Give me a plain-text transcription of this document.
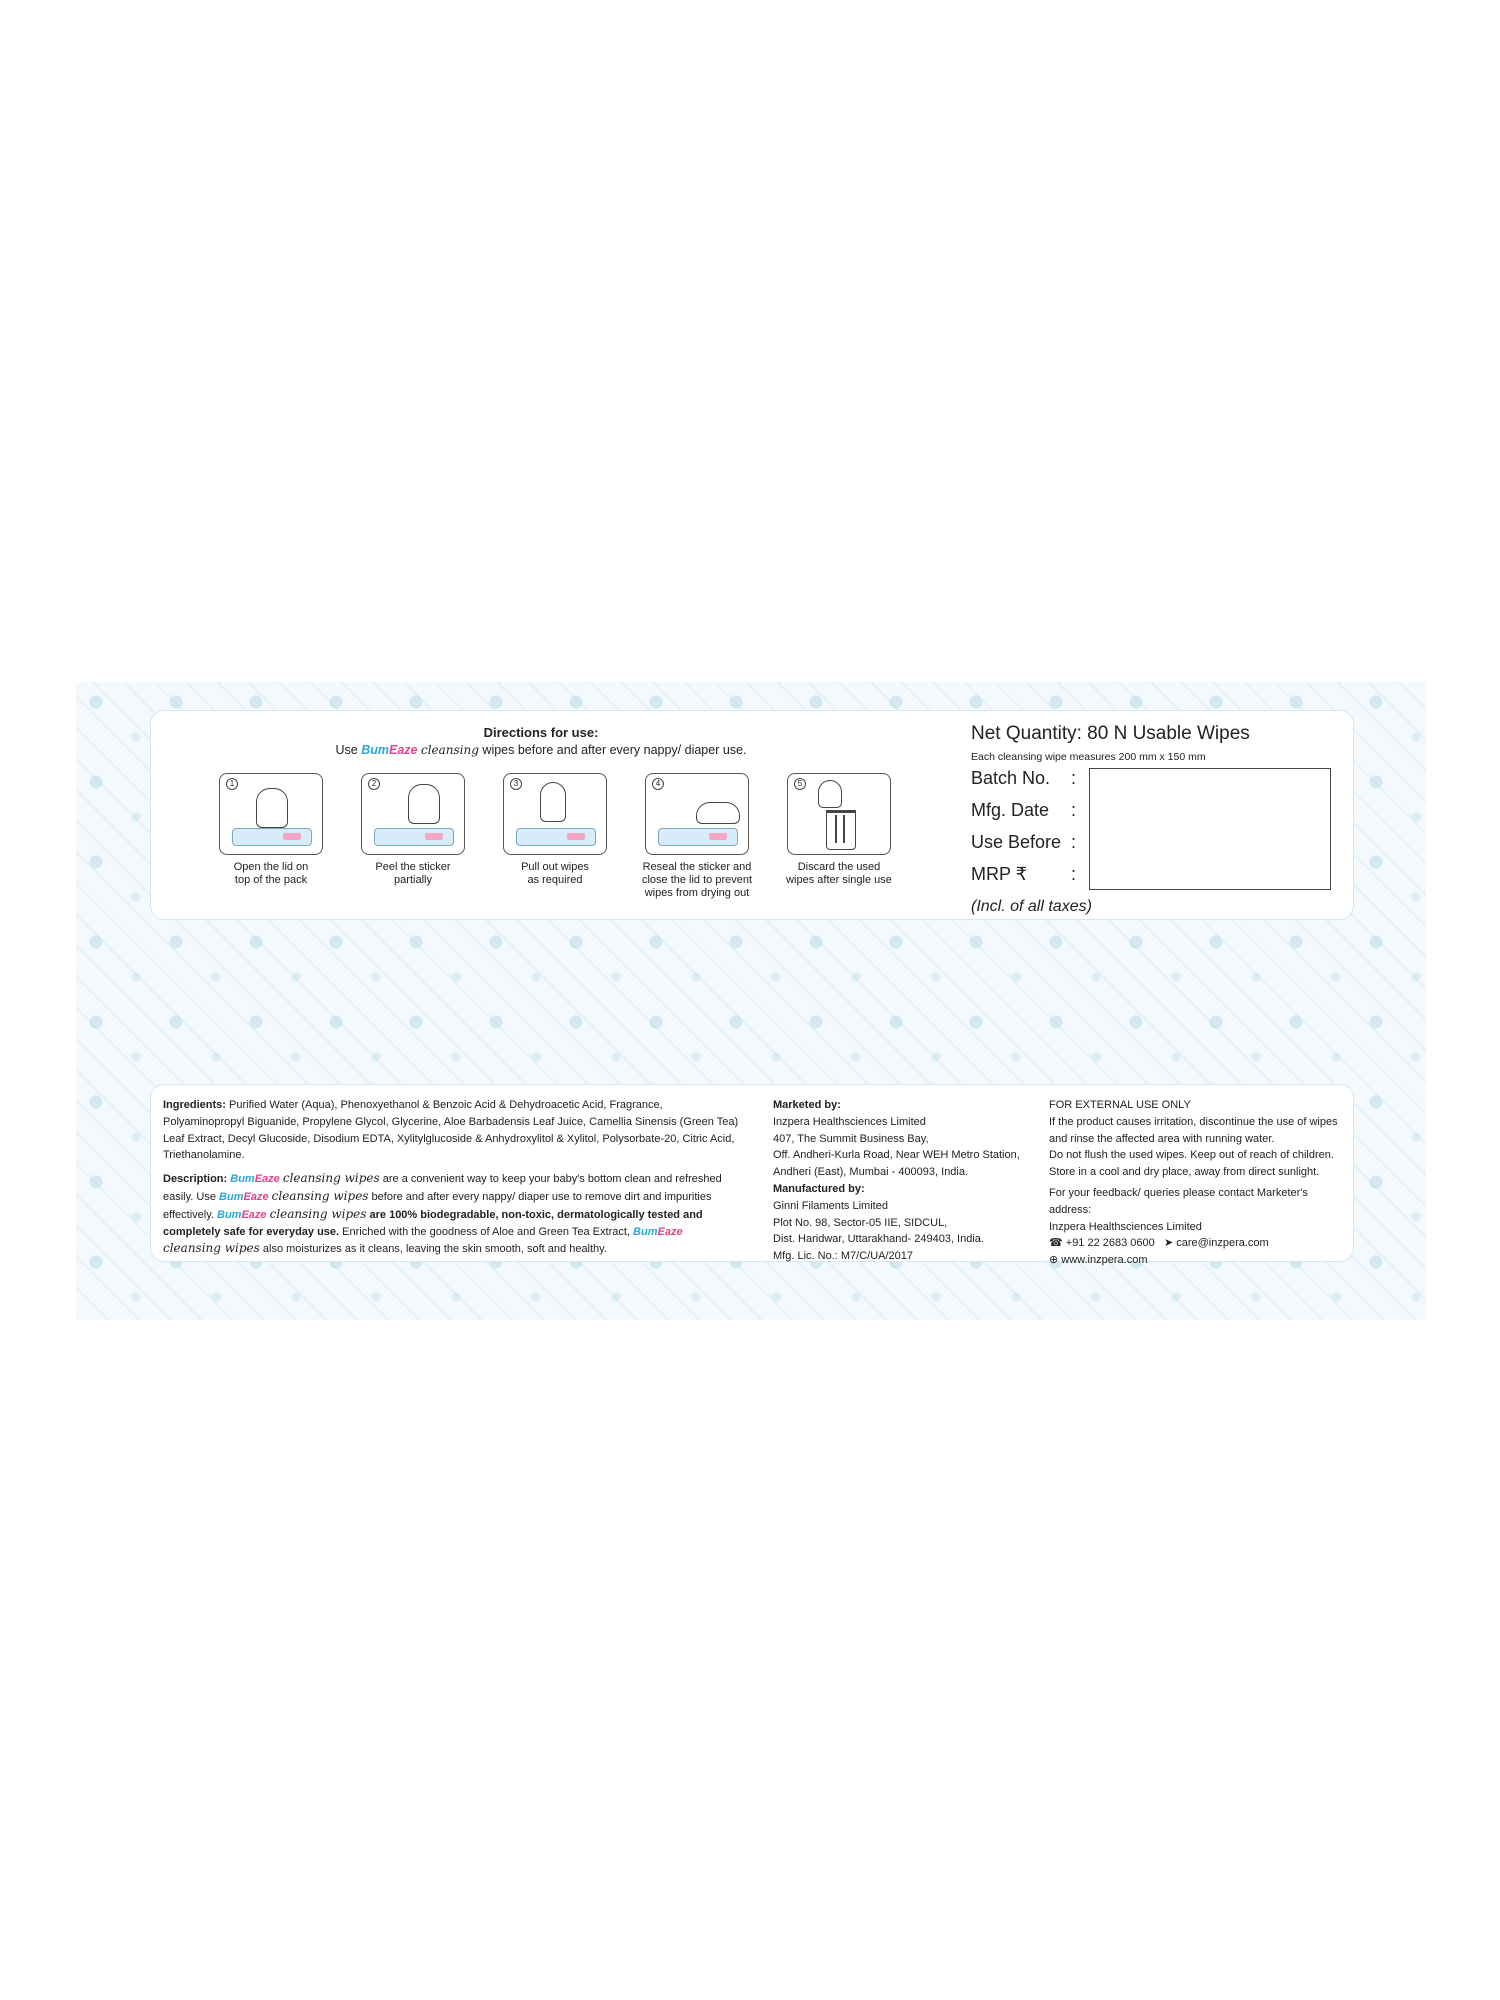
Directions for use:
Use BumEaze cleansing wipes before and after every nappy/ diaper use.
1
Open the lid on
top of the pack
2
Peel the sticker
partially
3
Pull out wipes
as required
4
Reseal the sticker and
close the lid to prevent
wipes from drying out
5
Discard the used
wipes after single use
Net Quantity: 80 N Usable Wipes
Each cleansing wipe measures 200 mm x 150 mm
Batch No. :
Mfg. Date :
Use Before :
MRP ₹ :
(Incl. of all taxes)

Ingredients: Purified Water (Aqua), Phenoxyethanol & Benzoic Acid & Dehydroacetic Acid, Fragrance, Polyaminopropyl Biguanide, Propylene Glycol, Glycerine, Aloe Barbadensis Leaf Juice, Camellia Sinensis (Green Tea) Leaf Extract, Decyl Glucoside, Disodium EDTA, Xylitylglucoside & Anhydroxylitol & Xylitol, Polysorbate-20, Citric Acid, Triethanolamine.

Description: BumEaze cleansing wipes are a convenient way to keep your baby's bottom clean and refreshed easily. Use BumEaze cleansing wipes before and after every nappy/ diaper use to remove dirt and impurities effectively. BumEaze cleansing wipes are 100% biodegradable, non-toxic, dermatologically tested and completely safe for everyday use. Enriched with the goodness of Aloe and Green Tea Extract, BumEaze cleansing wipes also moisturizes as it cleans, leaving the skin smooth, soft and healthy.

Marketed by:
Inzpera Healthsciences Limited
407, The Summit Business Bay,
Off. Andheri-Kurla Road, Near WEH Metro Station,
Andheri (East), Mumbai - 400093, India.
Manufactured by:
Ginni Filaments Limited
Plot No. 98, Sector-05 IIE, SIDCUL,
Dist. Haridwar, Uttarakhand- 249403, India.
Mfg. Lic. No.: M7/C/UA/2017
FOR EXTERNAL USE ONLY
If the product causes irritation, discontinue the use of wipes and rinse the affected area with running water.
Do not flush the used wipes. Keep out of reach of children.
Store in a cool and dry place, away from direct sunlight.
For your feedback/ queries please contact Marketer's address:
Inzpera Healthsciences Limited
☎ +91 22 2683 0600 ➤ care@inzpera.com
⊕ www.inzpera.com
